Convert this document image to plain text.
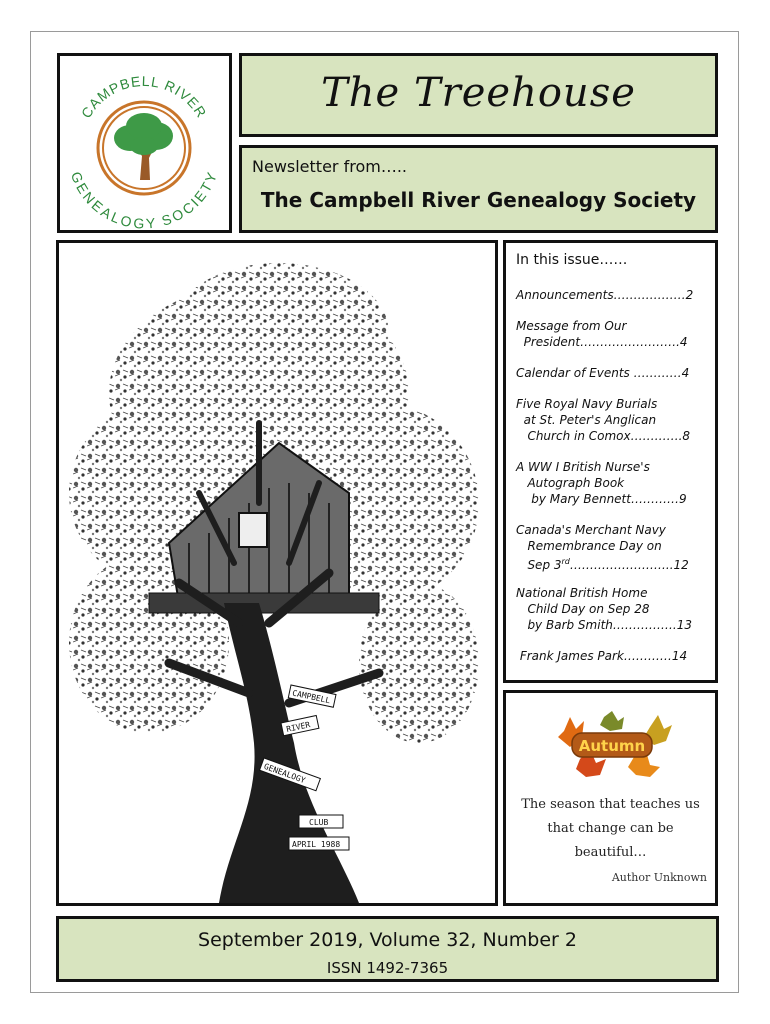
CAMPBELL RIVER
GENEALOGY SOCIETY
The Treehouse
Newsletter from…..
The Campbell River Genealogy Society
CAMPBELL
RIVER
GENEALOGY
CLUB
APRIL 1988
In this issue……
Announcements………………2
Message from Our
President…………………….4
Calendar of Events …………4
Five Royal Navy Burials
at St. Peter's Anglican
Church in Comox………….8
A WW I British Nurse's
Autograph Book
by Mary Bennett…………9
Canada's Merchant Navy
Remembrance Day on
Sep 3rd……………………..12
National British Home
Child Day on Sep 28
by Barb Smith…………….13
Frank James Park…………14
Autumn
The season that teaches us
that change can be
beautiful…
Author Unknown
September 2019, Volume 32, Number 2
ISSN 1492-7365
